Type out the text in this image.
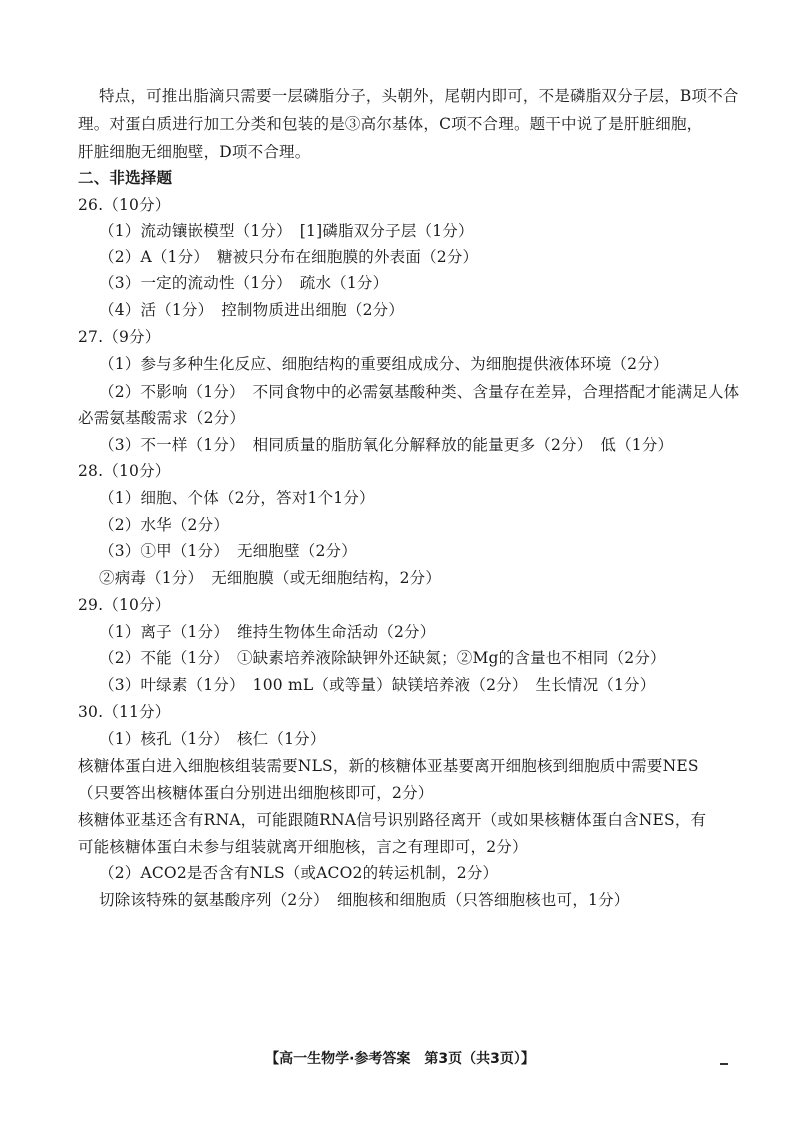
特点，可推出脂滴只需要一层磷脂分子，头朝外，尾朝内即可，不是磷脂双分子层，B项不合
理。对蛋白质进行加工分类和包装的是③高尔基体，C项不合理。题干中说了是肝脏细胞，
肝脏细胞无细胞壁，D项不合理。
二、非选择题
26.（10分）
（1）流动镶嵌模型（1分）　[1]磷脂双分子层（1分）
（2）A（1分）　糖被只分布在细胞膜的外表面（2分）
（3）一定的流动性（1分）　疏水（1分）
（4）活（1分）　控制物质进出细胞（2分）
27.（9分）
（1）参与多种生化反应、细胞结构的重要组成成分、为细胞提供液体环境（2分）
（2）不影响（1分）　不同食物中的必需氨基酸种类、含量存在差异，合理搭配才能满足人体
必需氨基酸需求（2分）
（3）不一样（1分）　相同质量的脂肪氧化分解释放的能量更多（2分）　低（1分）
28.（10分）
（1）细胞、个体（2分，答对1个1分）
（2）水华（2分）
（3）①甲（1分）　无细胞壁（2分）
②病毒（1分）　无细胞膜（或无细胞结构，2分）
29.（10分）
（1）离子（1分）　维持生物体生命活动（2分）
（2）不能（1分）　①缺素培养液除缺钾外还缺氮；②Mg的含量也不相同（2分）
（3）叶绿素（1分）　100 mL（或等量）缺镁培养液（2分）　生长情况（1分）
30.（11分）
（1）核孔（1分）　核仁（1分）
核糖体蛋白进入细胞核组装需要NLS，新的核糖体亚基要离开细胞核到细胞质中需要NES
（只要答出核糖体蛋白分别进出细胞核即可，2分）
核糖体亚基还含有RNA，可能跟随RNA信号识别路径离开（或如果核糖体蛋白含NES，有
可能核糖体蛋白未参与组装就离开细胞核，言之有理即可，2分）
（2）ACO2是否含有NLS（或ACO2的转运机制，2分）
切除该特殊的氨基酸序列（2分）　细胞核和细胞质（只答细胞核也可，1分）
【高一生物学·参考答案　第3页（共3页）】
